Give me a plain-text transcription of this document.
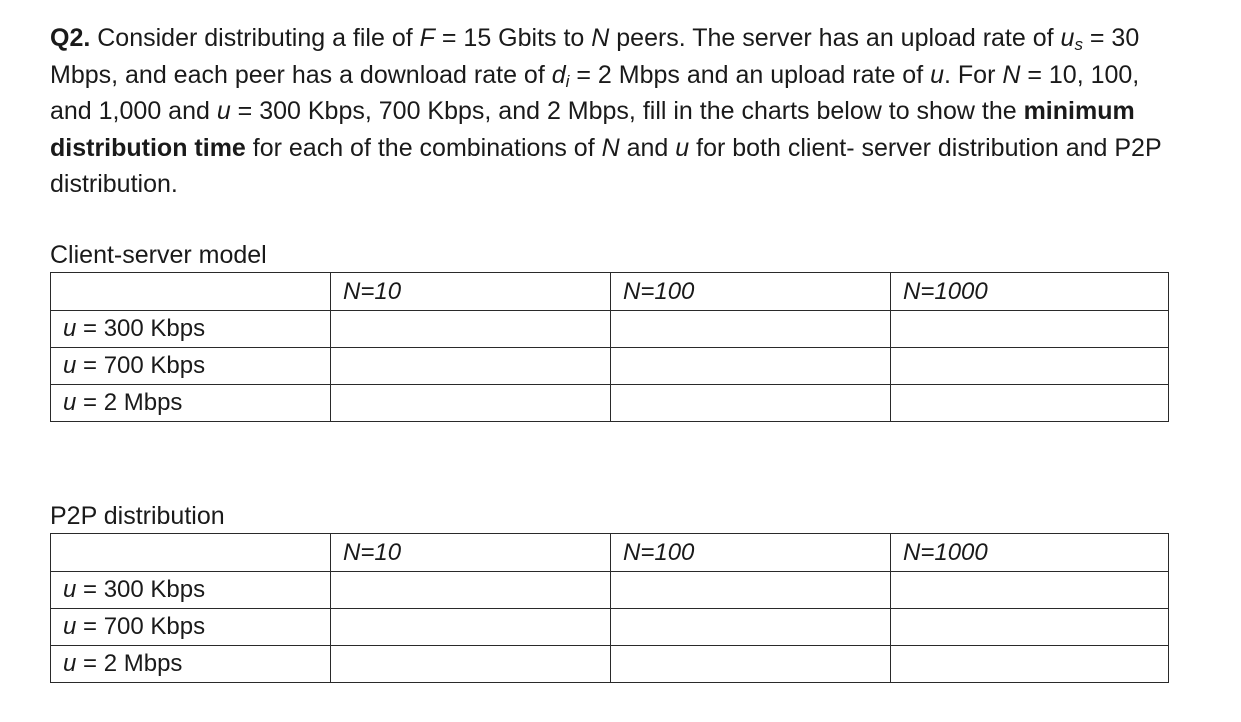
Q2. Consider distributing a file of F = 15 Gbits to N peers. The server has an upload rate of $u_s = 30$ Mbps, and each peer has a download rate of $d_i = 2$ Mbps and an upload rate of u. For N = 10, 100, and 1,000 and u = 300 Kbps, 700 Kbps, and 2 Mbps, fill in the charts below to show the minimum distribution time for each of the combinations of N and u for both client- server distribution and P2P distribution.

Client-server model
	N=10	N=100	N=1000
u = 300 Kbps			
u = 700 Kbps			
u = 2 Mbps			
P2P distribution
	N=10	N=100	N=1000
u = 300 Kbps			
u = 700 Kbps			
u = 2 Mbps			
